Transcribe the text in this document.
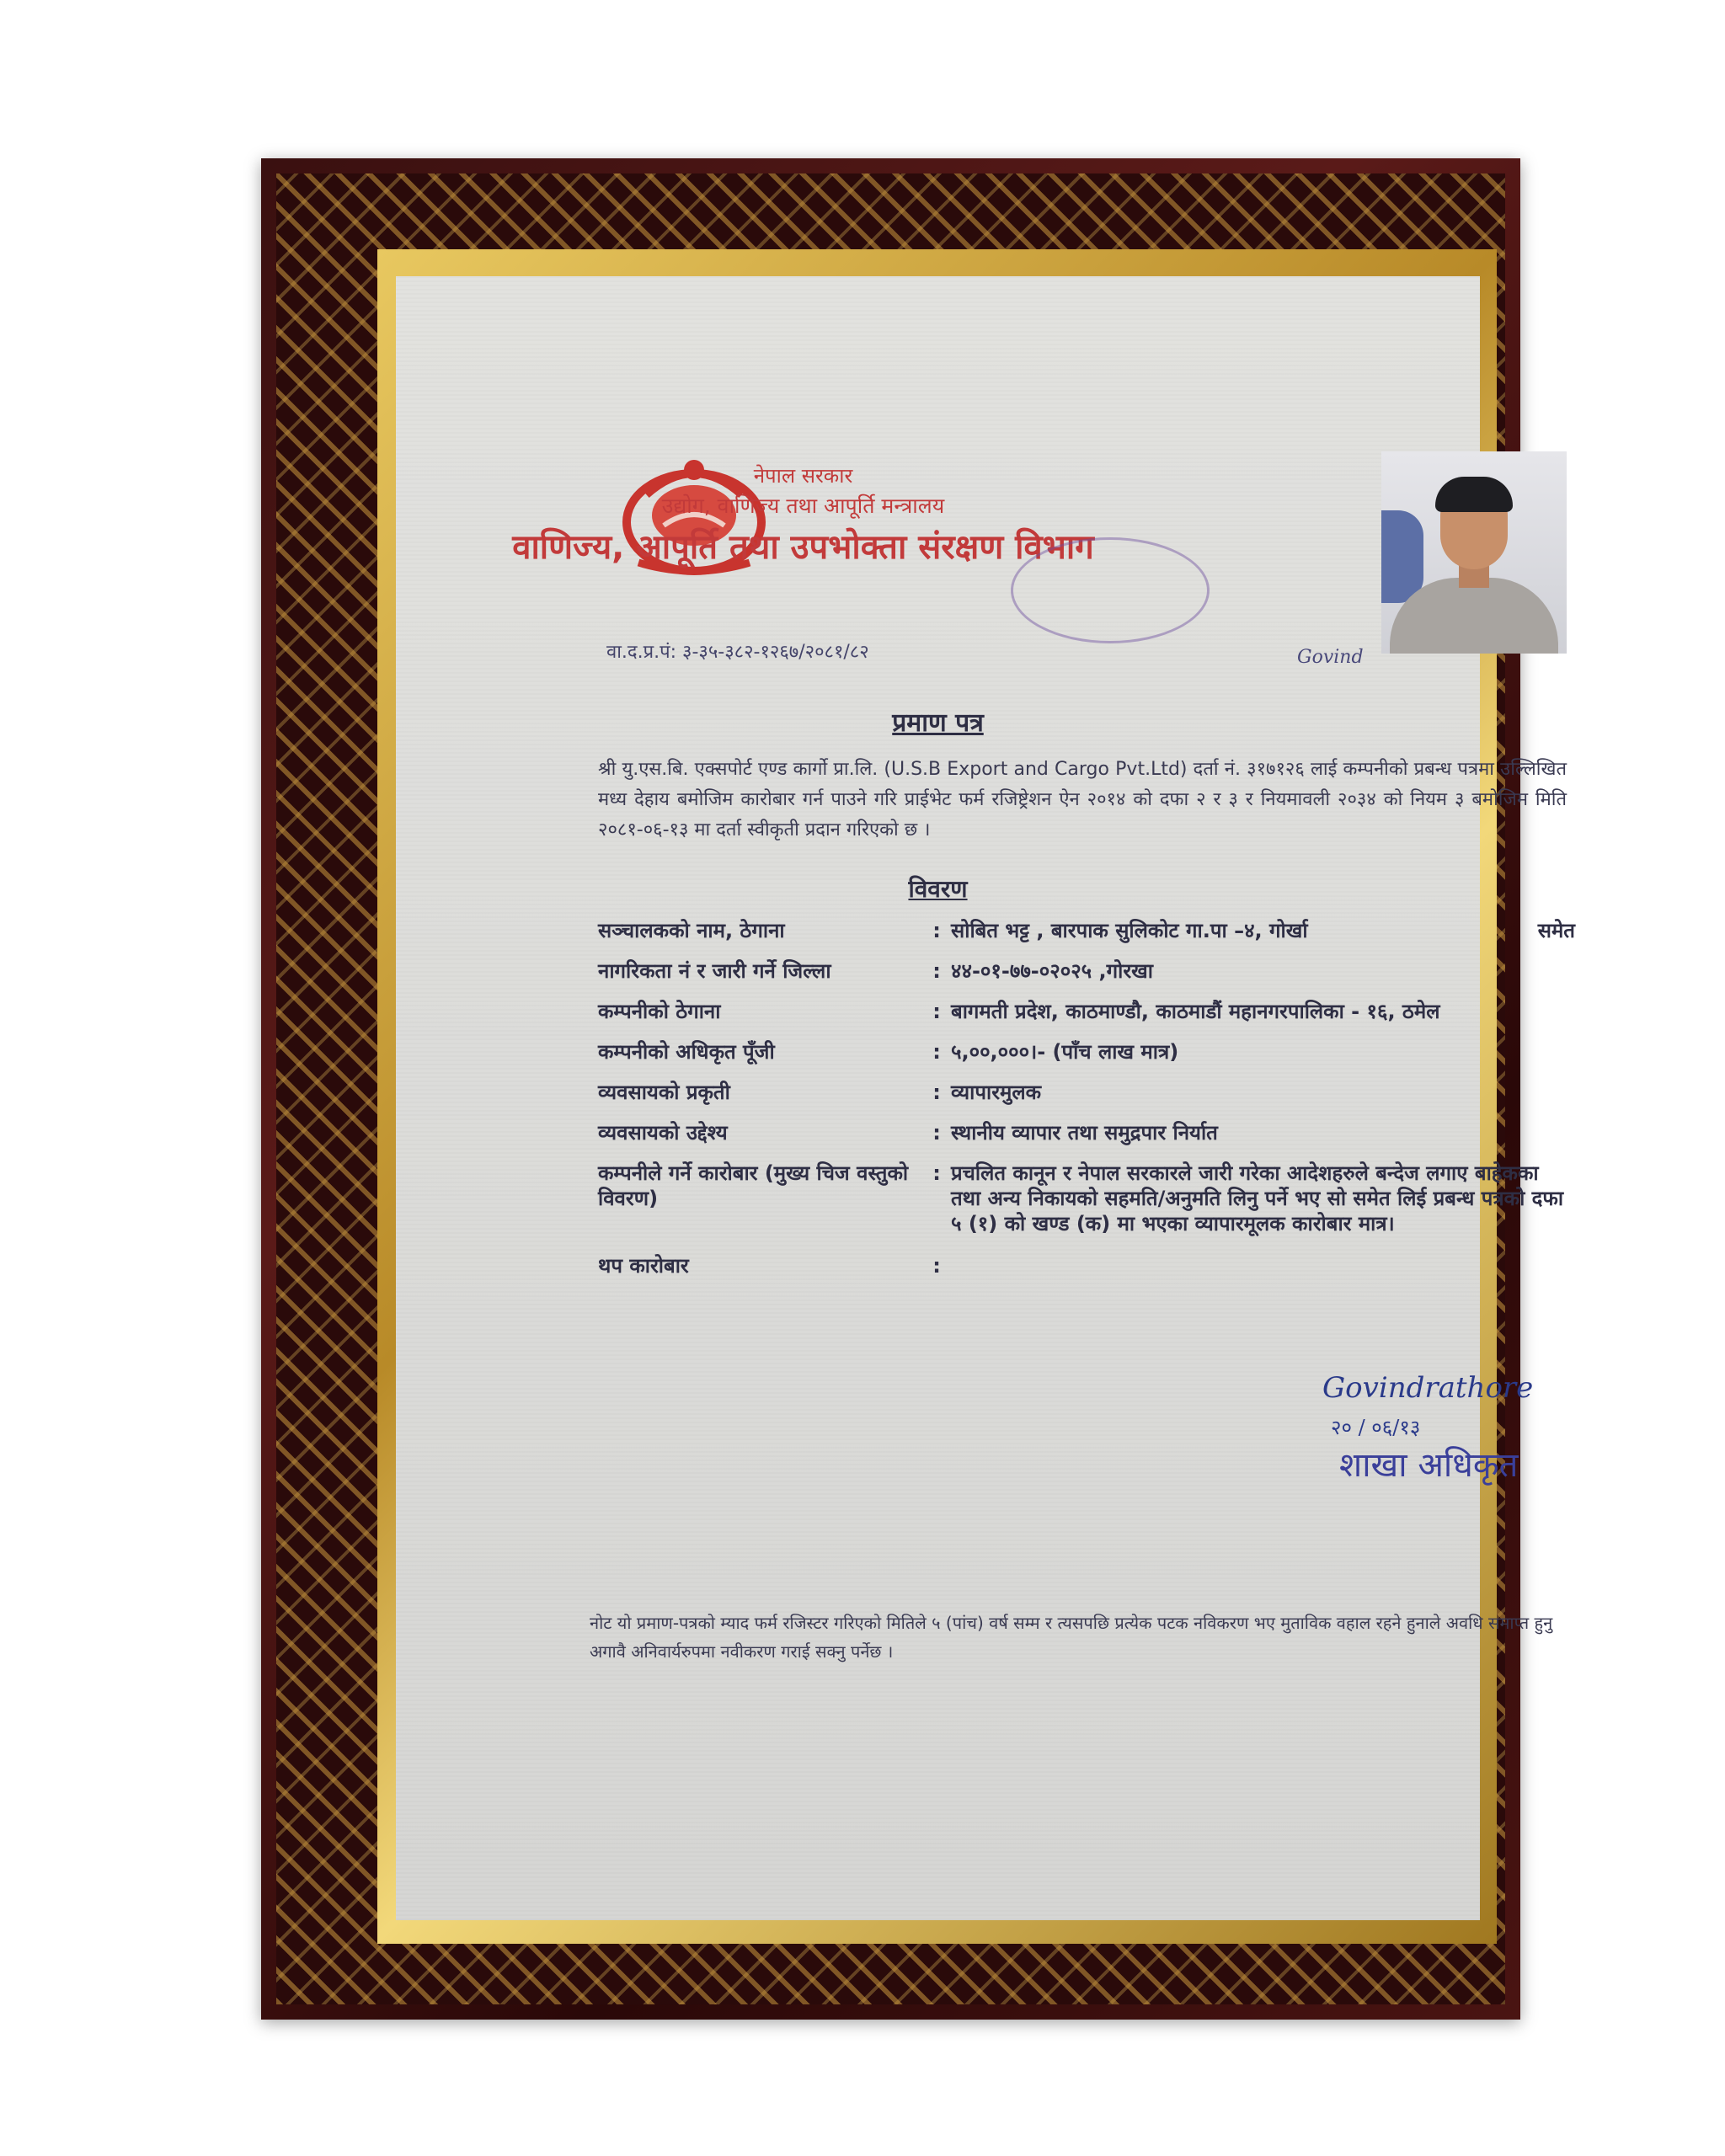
नेपाल सरकार
उद्योग, वाणिज्य तथा आपूर्ति मन्त्रालय
वाणिज्य, आपूर्ति तथा उपभोक्ता संरक्षण विभाग
वा.द.प्र.पं: ३-३५-३८२-१२६७/२०८१/८२	Govind
प्रमाण पत्र
श्री यु.एस.बि. एक्सपोर्ट एण्ड कार्गो प्रा.लि. (U.S.B Export and Cargo Pvt.Ltd) दर्ता नं. ३१७१२६ लाई कम्पनीको प्रबन्ध पत्रमा उल्लिखित मध्य देहाय बमोजिम कारोबार गर्न पाउने गरि प्राईभेट फर्म रजिष्ट्रेशन ऐन २०१४ को दफा २ र ३ र नियमावली २०३४ को नियम ३ बमोजिम मिति २०८१-०६-१३ मा दर्ता स्वीकृती प्रदान गरिएको छ ।
विवरण
सञ्चालकको नाम, ठेगाना	: सोबित भट्ट , बारपाक सुलिकोट गा.पा –४, गोर्खा	समेत
नागरिकता नं र जारी गर्ने जिल्ला	: ४४-०१-७७-०२०२५ ,गोरखा
कम्पनीको ठेगाना	: बागमती प्रदेश, काठमाण्डौ, काठमाडौं महानगरपालिका - १६, ठमेल
कम्पनीको अधिकृत पूँजी	: ५,००,०००।- (पाँच लाख मात्र)
व्यवसायको प्रकृती	: व्यापारमुलक
व्यवसायको उद्देश्य	: स्थानीय व्यापार तथा समुद्रपार निर्यात
कम्पनीले गर्ने कारोबार (मुख्य चिज वस्तुको विवरण)
: प्रचलित कानून र नेपाल सरकारले जारी गरेका आदेशहरुले बन्देज लगाए बाहेकका तथा अन्य निकायको सहमति/अनुमति लिनु पर्ने भए सो समेत लिई प्रबन्ध पत्रको दफा ५ (१) को खण्ड (क) मा भएका व्यापारमूलक कारोबार मात्र।
थप कारोबार	:
Govindrathore
२० / ०६/१३
शाखा अधिकृत
नोट यो प्रमाण-पत्रको म्याद फर्म रजिस्टर गरिएको मितिले ५ (पांच) वर्ष सम्म र त्यसपछि प्रत्येक पटक नविकरण भए मुताविक वहाल रहने हुनाले अवधि समाप्त हुनु अगावै अनिवार्यरुपमा नवीकरण गराई सक्नु पर्नेछ ।
